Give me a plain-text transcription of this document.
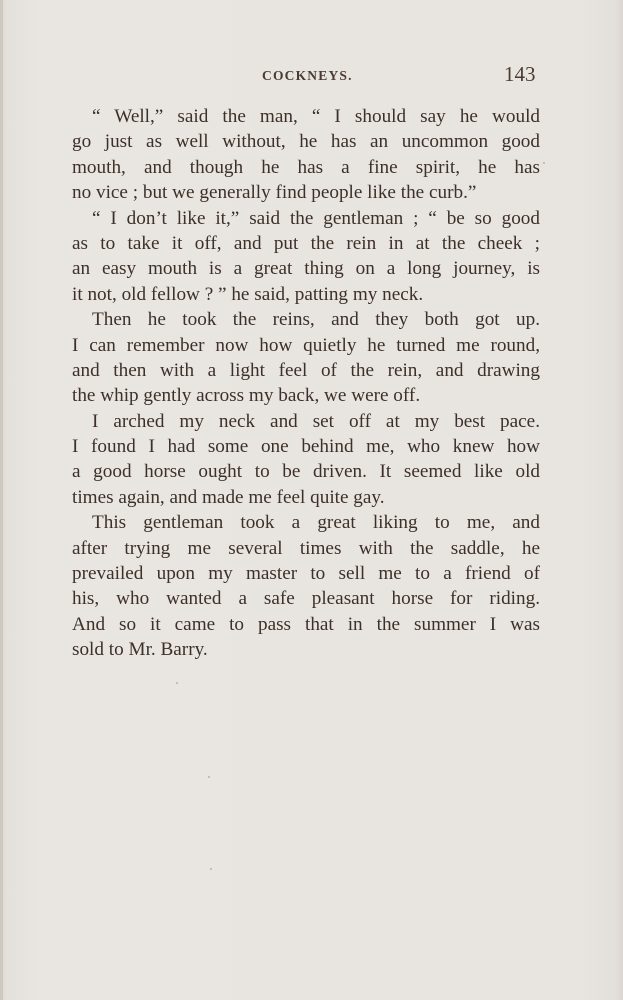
COCKNEYS.	143
“ Well,” said the man, “ I should say he would
go just as well without, he has an uncommon good
mouth, and though he has a fine spirit, he has
no vice ; but we generally find people like the curb.”
“ I don’t like it,” said the gentleman ; “ be so good
as to take it off, and put the rein in at the cheek ;
an easy mouth is a great thing on a long journey, is
it not, old fellow ? ” he said, patting my neck.
Then he took the reins, and they both got up.
I can remember now how quietly he turned me round,
and then with a light feel of the rein, and drawing
the whip gently across my back, we were off.
I arched my neck and set off at my best pace.
I found I had some one behind me, who knew how
a good horse ought to be driven. It seemed like old
times again, and made me feel quite gay.
This gentleman took a great liking to me, and
after trying me several times with the saddle, he
prevailed upon my master to sell me to a friend of
his, who wanted a safe pleasant horse for riding.
And so it came to pass that in the summer I was
sold to Mr. Barry.
